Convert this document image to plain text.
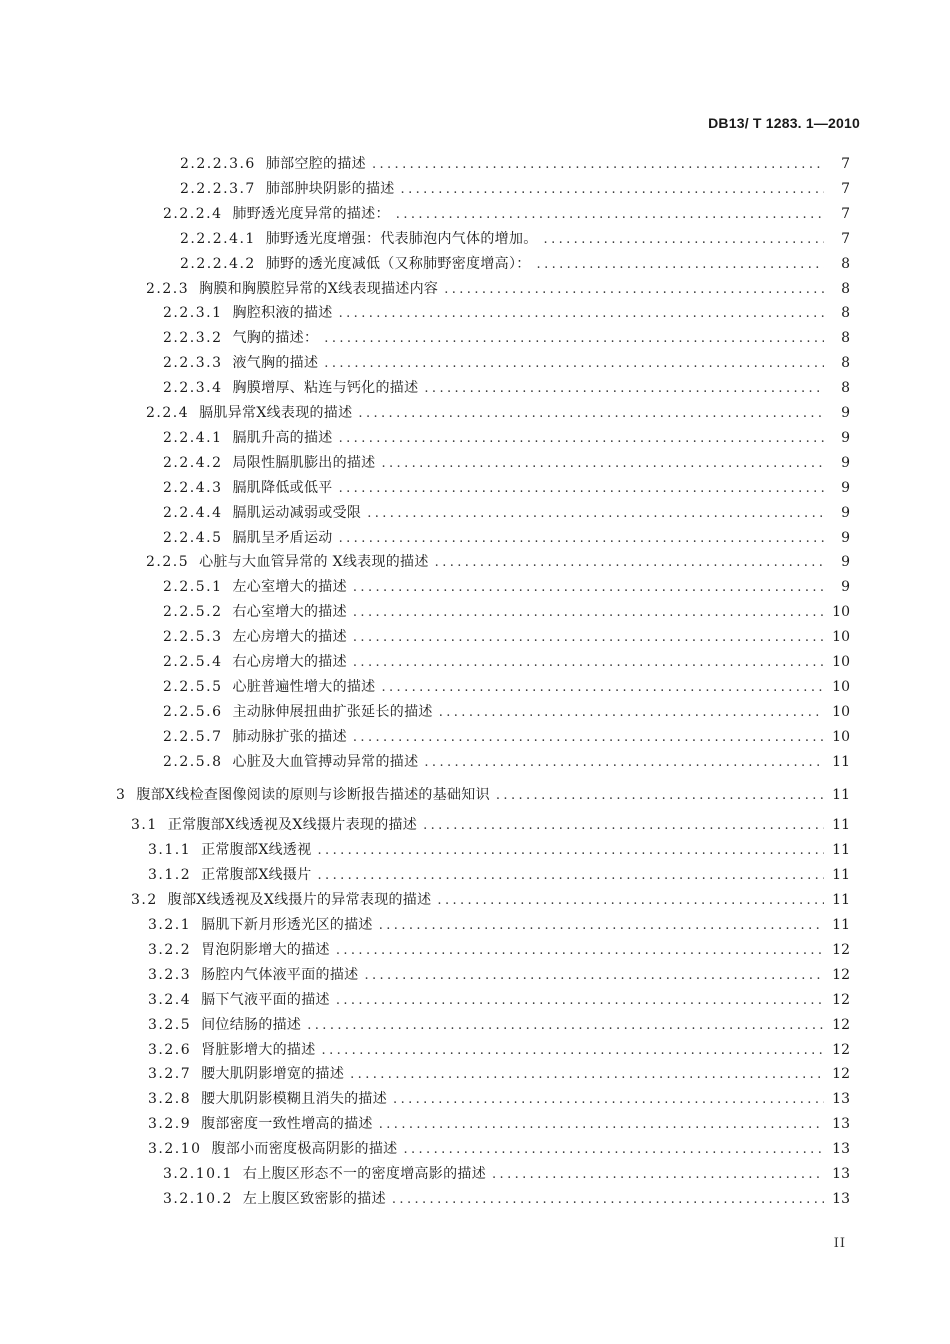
DB13/ T 1283. 1—2010
2.2.2.3.6 肺部空腔的描述 .....	7
2.2.2.3.7 肺部肿块阴影的描述 .....	7
2.2.2.4 肺野透光度异常的描述： .....	7
2.2.2.4.1 肺野透光度增强：代表肺泡内气体的增加。 .....	7
2.2.2.4.2 肺野的透光度减低（又称肺野密度增高）： .....	8
2.2.3 胸膜和胸膜腔异常的X线表现描述内容 .....	8
2.2.3.1 胸腔积液的描述 .....	8
2.2.3.2 气胸的描述： .....	8
2.2.3.3 液气胸的描述 .....	8
2.2.3.4 胸膜增厚、粘连与钙化的描述 .....	8
2.2.4 膈肌异常X线表现的描述 .....	9
2.2.4.1 膈肌升高的描述 .....	9
2.2.4.2 局限性膈肌膨出的描述 .....	9
2.2.4.3 膈肌降低或低平 .....	9
2.2.4.4 膈肌运动减弱或受限 .....	9
2.2.4.5 膈肌呈矛盾运动 .....	9
2.2.5 心脏与大血管异常的 X线表现的描述 .....	9
2.2.5.1 左心室增大的描述 .....	9
2.2.5.2 右心室增大的描述 .....	10
2.2.5.3 左心房增大的描述 .....	10
2.2.5.4 右心房增大的描述 .....	10
2.2.5.5 心脏普遍性增大的描述 .....	10
2.2.5.6 主动脉伸展扭曲扩张延长的描述 .....	10
2.2.5.7 肺动脉扩张的描述 .....	10
2.2.5.8 心脏及大血管搏动异常的描述 .....	11
3 腹部X线检查图像阅读的原则与诊断报告描述的基础知识 .....	11
3.1 正常腹部X线透视及X线摄片表现的描述 .....	11
3.1.1 正常腹部X线透视 .....	11
3.1.2 正常腹部X线摄片 .....	11
3.2 腹部X线透视及X线摄片的异常表现的描述 .....	11
3.2.1 膈肌下新月形透光区的描述 .....	11
3.2.2 胃泡阴影增大的描述 .....	12
3.2.3 肠腔内气体液平面的描述 .....	12
3.2.4 膈下气液平面的描述 .....	12
3.2.5 间位结肠的描述 .....	12
3.2.6 肾脏影增大的描述 .....	12
3.2.7 腰大肌阴影增宽的描述 .....	12
3.2.8 腰大肌阴影模糊且消失的描述 .....	13
3.2.9 腹部密度一致性增高的描述 .....	13
3.2.10 腹部小而密度极高阴影的描述 .....	13
3.2.10.1 右上腹区形态不一的密度增高影的描述 .....	13
3.2.10.2 左上腹区致密影的描述 .....	13
II
